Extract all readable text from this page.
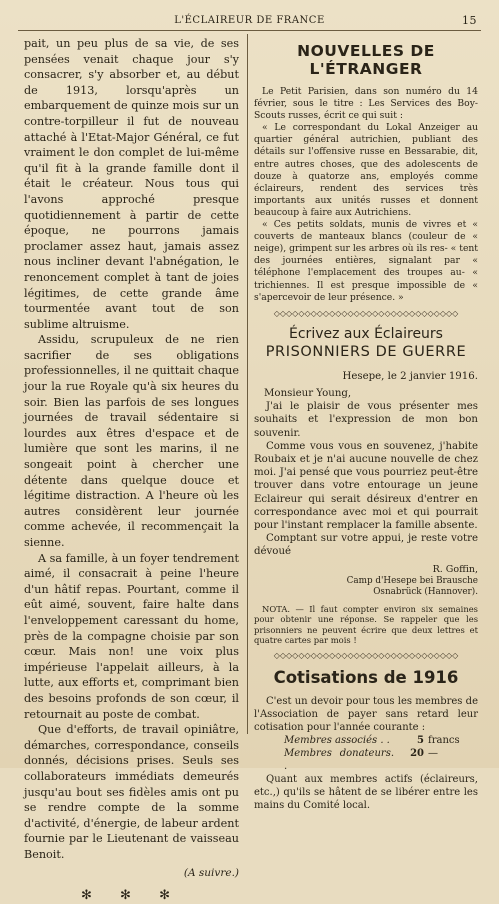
L'ÉCLAIREUR DE FRANCE	15

pait, un peu plus de sa vie, de ses pensées venait chaque jour s'y consacrer, s'y absorber et, au début de 1913, lorsqu'après un embarquement de quinze mois sur un contre-torpilleur il fut de nouveau attaché à l'Etat-Major Général, ce fut vraiment le don complet de lui-même qu'il fit à la grande famille dont il était le créateur. Nous tous qui l'avons approché presque quotidiennement à partir de cette époque, ne pourrons jamais proclamer assez haut, jamais assez nous incliner devant l'abnégation, le renoncement complet à tant de joies légitimes, de cette grande âme tourmentée avant tout de son sublime altruisme.

Assidu, scrupuleux de ne rien sacrifier de ses obligations professionnelles, il ne quittait chaque jour la rue Royale qu'à six heures du soir. Bien las parfois de ses longues journées de travail sédentaire si lourdes aux êtres d'espace et de lumière que sont les marins, il ne songeait point à chercher une détente dans quelque douce et légitime distraction. A l'heure où les autres considèrent leur journée comme achevée, il recommençait la sienne.

A sa famille, à un foyer tendrement aimé, il consacrait à peine l'heure d'un hâtif repas. Pourtant, comme il eût aimé, souvent, faire halte dans l'enveloppement caressant du home, près de la compagne choisie par son cœur. Mais non! une voix plus impérieuse l'appelait ailleurs, à la lutte, aux efforts et, comprimant bien des besoins profonds de son cœur, il retournait au poste de combat.

Que d'efforts, de travail opiniâtre, démarches, correspondance, conseils donnés, décisions prises. Seuls ses collaborateurs immédiats demeurés jusqu'au bout ses fidèles amis ont pu se rendre compte de la somme d'activité, d'énergie, de labeur ardent fournie par le Lieutenant de vaisseau Benoit.

(A suivre.)
✻ ✻ ✻
NOUVELLES DE L'ÉTRANGER

Le Petit Parisien, dans son numéro du 14 février, sous le titre : Les Services des Boy-Scouts russes, écrit ce qui suit :

« Le correspondant du Lokal Anzeiger au quartier général autrichien, publiant des détails sur l'offensive russe en Bessarabie, dit, entre autres choses, que des adolescents de douze à quatorze ans, employés comme éclaireurs, rendent des services très importants aux unités russes et donnent beaucoup à faire aux Autrichiens.

« Ces petits soldats, munis de vivres et « couverts de manteaux blancs (couleur de « neige), grimpent sur les arbres où ils res- « tent des journées entières, signalant par « téléphone l'emplacement des troupes au- « trichiennes. Il est presque impossible de « s'apercevoir de leur présence. »

◇◇◇◇◇◇◇◇◇◇◇◇◇◇◇◇◇◇◇◇◇◇◇◇◇◇◇◇◇◇
Écrivez aux Éclaireurs
PRISONNIERS DE GUERRE
Hesepe, le 2 janvier 1916.

Monsieur Young,

J'ai le plaisir de vous présenter mes souhaits et l'expression de mon bon souvenir.

Comme vous vous en souvenez, j'habite Roubaix et je n'ai aucune nouvelle de chez moi. J'ai pensé que vous pourriez peut-être trouver dans votre entourage un jeune Eclaireur qui serait désireux d'entrer en correspondance avec moi et qui pourrait pour l'instant remplacer la famille absente.

Comptant sur votre appui, je reste votre dévoué

R. Goffin,
Camp d'Hesepe bei Brausche
Osnabrück (Hannover).

NOTA. — Il faut compter environ six semaines pour obtenir une réponse. Se rappeler que les prisonniers ne peuvent écrire que deux lettres et quatre cartes par mois !

◇◇◇◇◇◇◇◇◇◇◇◇◇◇◇◇◇◇◇◇◇◇◇◇◇◇◇◇◇◇
Cotisations de 1916

C'est un devoir pour tous les membres de l'Association de payer sans retard leur cotisation pour l'année courante :

Membres associés . .	5 francs
Membres donateurs. .
20 —

Quant aux membres actifs (éclaireurs, etc.,) qu'ils se hâtent de se libérer entre les mains du Comité local.
